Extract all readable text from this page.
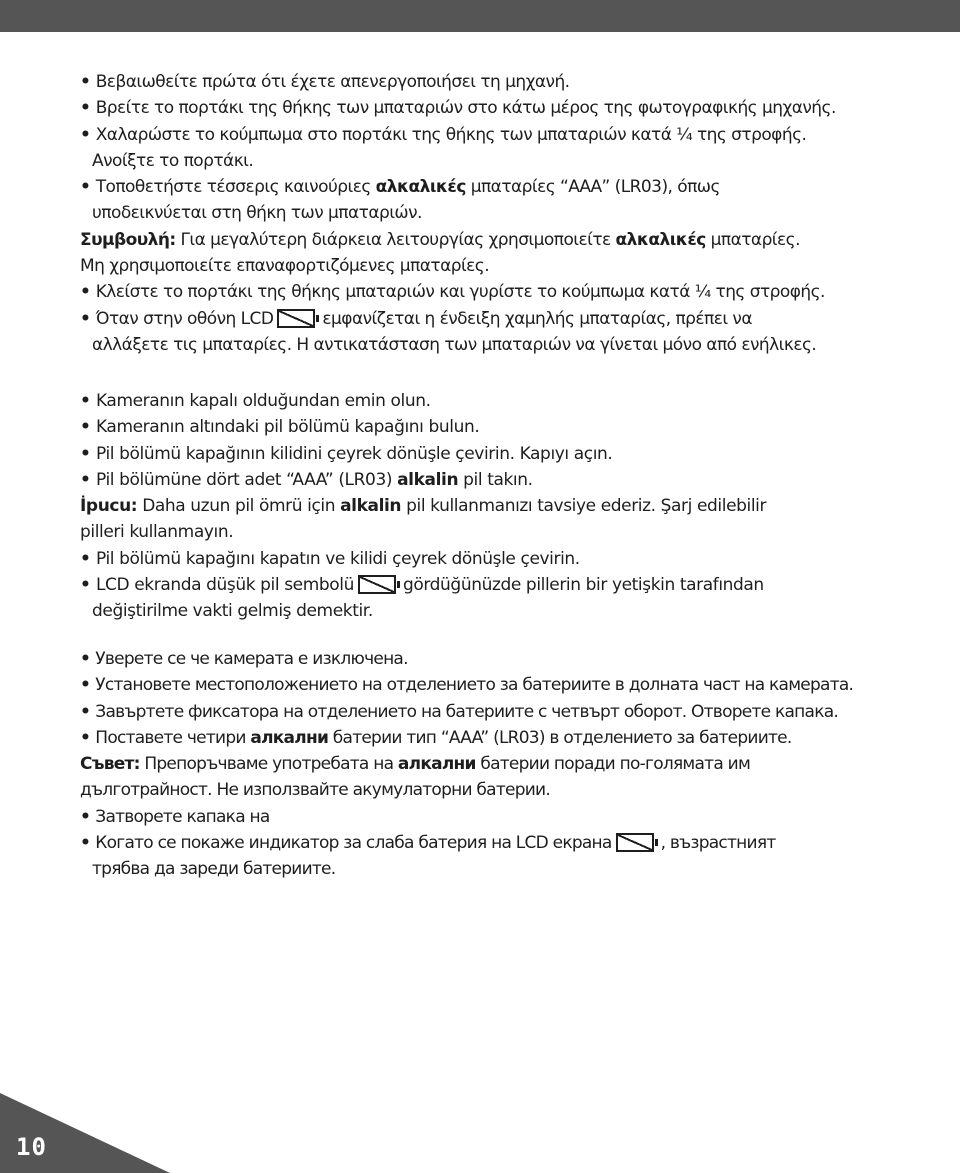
• Βεβαιωθείτε πρώτα ότι έχετε απενεργοποιήσει τη μηχανή.
• Βρείτε το πορτάκι της θήκης των μπαταριών στο κάτω μέρος της φωτογραφικής μηχανής.
• Χαλαρώστε το κούμπωμα στο πορτάκι της θήκης των μπαταριών κατά ¼ της στροφής.
Ανοίξτε το πορτάκι.
• Τοποθετήστε τέσσερις καινούριες αλκαλικές μπαταρίες “ΑΑΑ” (LR03), όπως
υποδεικνύεται στη θήκη των μπαταριών.
Συμβουλή: Για μεγαλύτερη διάρκεια λειτουργίας χρησιμοποιείτε αλκαλικές μπαταρίες.
Μη χρησιμοποιείτε επαναφορτιζόμενες μπαταρίες.
• Κλείστε το πορτάκι της θήκης μπαταριών και γυρίστε το κούμπωμα κατά ¼ της στροφής.
• Όταν στην οθόνη LCD	εμφανίζεται η ένδειξη χαμηλής μπαταρίας, πρέπει να
αλλάξετε τις μπαταρίες. Η αντικατάσταση των μπαταριών να γίνεται μόνο από ενήλικες.
• Kameranın kapalı olduğundan emin olun.
• Kameranın altındaki pil bölümü kapağını bulun.
• Pil bölümü kapağının kilidini çeyrek dönüşle çevirin. Kapıyı açın.
• Pil bölümüne dört adet “AAA” (LR03) alkalin pil takın.
İpucu: Daha uzun pil ömrü için alkalin pil kullanmanızı tavsiye ederiz. Şarj edilebilir
pilleri kullanmayın.
• Pil bölümü kapağını kapatın ve kilidi çeyrek dönüşle çevirin.
• LCD ekranda düşük pil sembolü	gördüğünüzde pillerin bir yetişkin tarafından
değiştirilme vakti gelmiş demektir.
• Уверете се че камерата е изключена.
• Установете местоположението на отделението за батериите в долната част на камерата.
• Завъртете фиксатора на отделението на батериите с четвърт оборот. Отворете капака.
• Поставете четири алкални батерии тип “AAA” (LR03) в отделението за батериите.
Съвет: Препоръчваме употребата на алкални батерии поради по-голямата им
дълготрайност. Не използвайте акумулаторни батерии.
• Затворете капака на
• Когато се покаже индикатор за слаба батерия на LCD екрана	, възрастният
трябва да зареди батериите.
10
